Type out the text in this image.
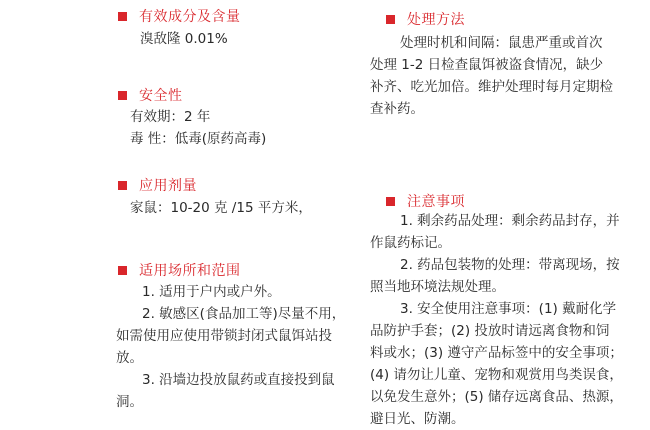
有效成分及含量
溴敌隆 0.01%
安全性
有效期：2 年
毒 性：低毒(原药高毒)
应用剂量
家鼠：10-20 克 /15 平方米，
适用场所和范围
1. 适用于户内或户外。
2. 敏感区(食品加工等)尽量不用，
如需使用应使用带锁封闭式鼠饵站投
放。
3. 沿墙边投放鼠药或直接投到鼠
洞。
处理方法
处理时机和间隔：鼠患严重或首次
处理 1-2 日检查鼠饵被盗食情况，缺少
补齐、吃光加倍。维护处理时每月定期检
查补药。
注意事项
1. 剩余药品处理：剩余药品封存，并
作鼠药标记。
2. 药品包装物的处理：带离现场，按
照当地环境法规处理。
3. 安全使用注意事项：(1) 戴耐化学
品防护手套；(2) 投放时请远离食物和饲
料或水；(3) 遵守产品标签中的安全事项；
(4) 请勿让儿童、宠物和观赏用鸟类误食，
以免发生意外；(5) 储存远离食品、热源，
避日光、防潮。
